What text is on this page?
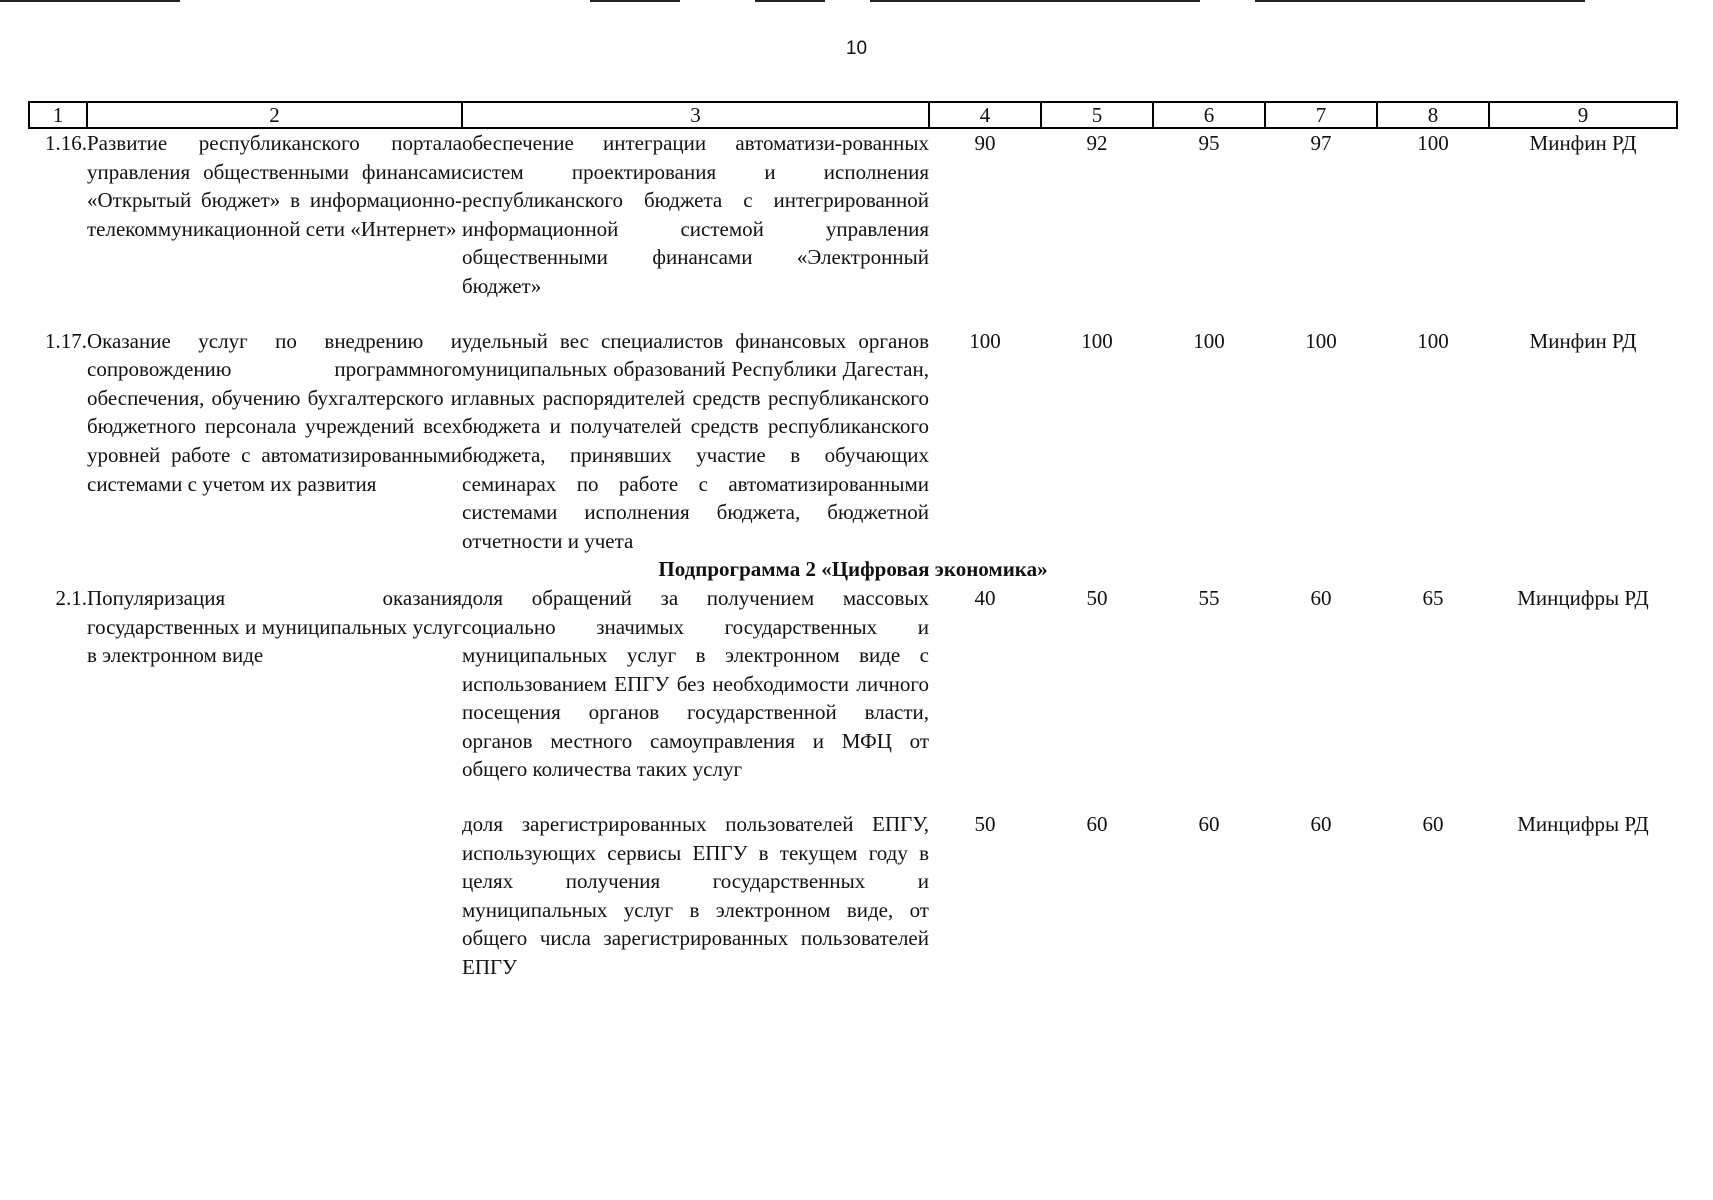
10
1	2	3	4	5	6	7	8	9
1.16.	Развитие республиканского портала управления общественными финансами «Открытый бюджет» в информационно-телекоммуникационной сети «Интернет»	обеспечение интеграции автоматизи-рованных систем проектирования и исполнения республиканского бюджета с интегрированной информационной системой управления общественными финансами «Электронный бюджет»	90	92	95	97	100	Минфин РД

1.17.	Оказание услуг по внедрению и сопровождению программного обеспечения, обучению бухгалтерского и бюджетного персонала учреждений всех уровней работе с автоматизированными системами с учетом их развития	удельный вес специалистов финансовых органов муниципальных образований Республики Дагестан, главных распорядителей средств республиканского бюджета и получателей средств республиканского бюджета, принявших участие в обучающих семинарах по работе с автоматизированными системами исполнения бюджета, бюджетной отчетности и учета	100	100	100	100	100	Минфин РД
Подпрограмма 2 «Цифровая экономика»								
2.1.	Популяризация оказания государственных и муниципальных услуг в электронном виде	доля обращений за получением массовых социально значимых государственных и муниципальных услуг в электронном виде с использованием ЕПГУ без необходимости личного посещения органов государственной власти, органов местного самоуправления и МФЦ от общего количества таких услуг	40	50	55	60	65	Минцифры РД

		доля зарегистрированных пользователей ЕПГУ, использующих сервисы ЕПГУ в текущем году в целях получения государственных и муниципальных услуг в электронном виде, от общего числа зарегистрированных пользователей ЕПГУ	50	60	60	60	60	Минцифры РД
